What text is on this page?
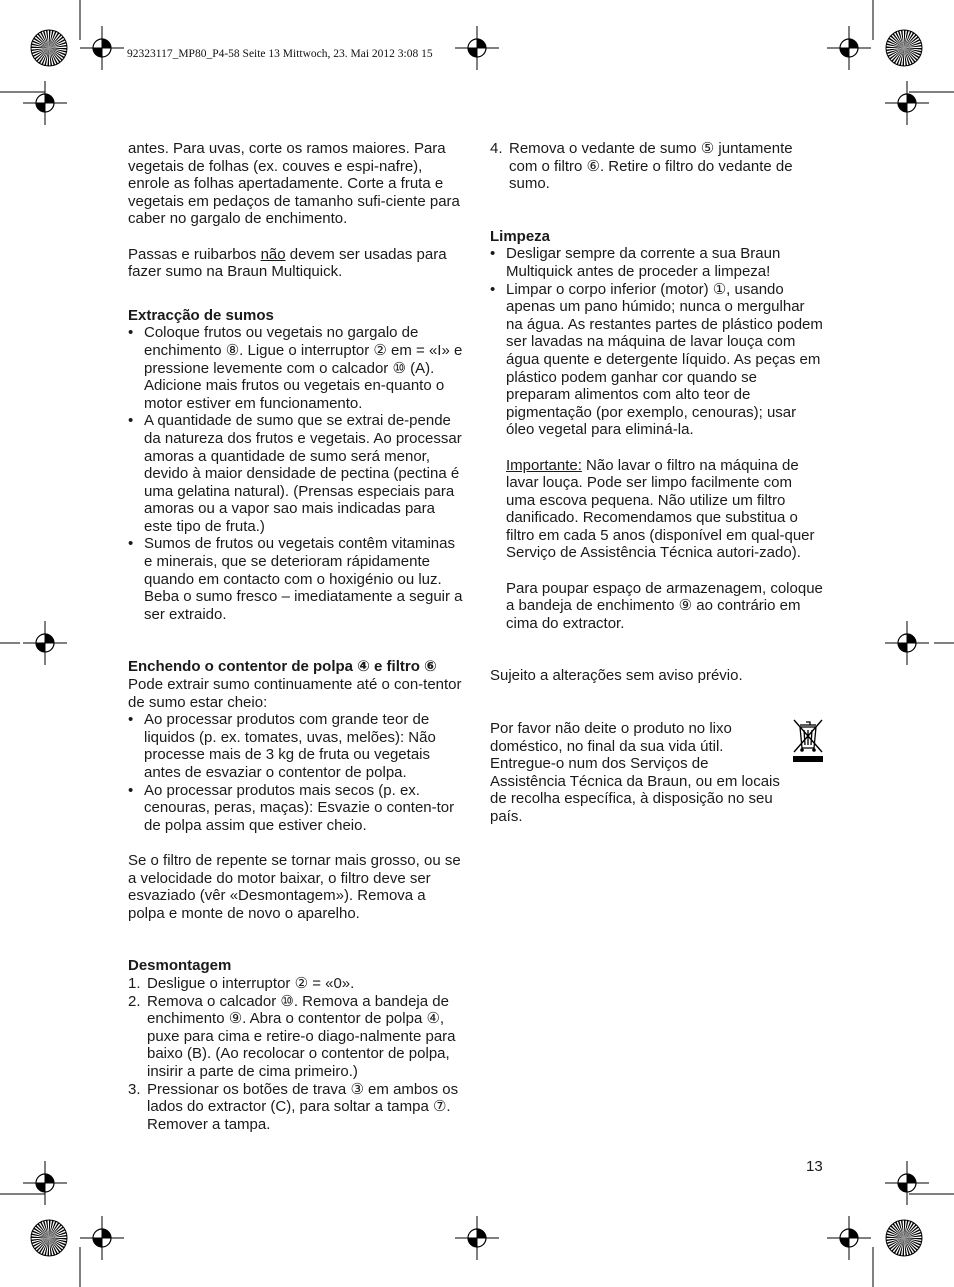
92323117_MP80_P4-58 Seite 13 Mittwoch, 23. Mai 2012 3:08 15

antes. Para uvas, corte os ramos maiores. Para vegetais de folhas (ex. couves e espi-nafre), enrole as folhas apertadamente. Corte a fruta e vegetais em pedaços de tamanho sufi-ciente para caber no gargalo de enchimento.

Passas e ruibarbos não devem ser usadas para fazer sumo na Braun Multiquick.

Extracção de sumos

• Coloque frutos ou vegetais no gargalo de enchimento ⑧. Ligue o interruptor ② em = «I» e pressione levemente com o calcador ⑩ (A). Adicione mais frutos ou vegetais en-quanto o motor estiver em funcionamento.
• A quantidade de sumo que se extrai de-pende da natureza dos frutos e vegetais. Ao processar amoras a quantidade de sumo será menor, devido à maior densidade de pectina (pectina é uma gelatina natural). (Prensas especiais para amoras ou a vapor sao mais indicadas para este tipo de fruta.)
• Sumos de frutos ou vegetais contêm vitaminas e minerais, que se deterioram rápidamente quando em contacto com o hoxigénio ou luz. Beba o sumo fresco – imediatamente a seguir a ser extraido.

Enchendo o contentor de polpa ④ e filtro ⑥

Pode extrair sumo continuamente até o con-tentor de sumo estar cheio:

• Ao processar produtos com grande teor de liquidos (p. ex. tomates, uvas, melões): Não processe mais de 3 kg de fruta ou vegetais antes de esvaziar o contentor de polpa.
• Ao processar produtos mais secos (p. ex. cenouras, peras, maças): Esvazie o conten-tor de polpa assim que estiver cheio.

Se o filtro de repente se tornar mais grosso, ou se a velocidade do motor baixar, o filtro deve ser esvaziado (vêr «Desmontagem»). Remova a polpa e monte de novo o aparelho.

Desmontagem

1. Desligue o interruptor ② = «0».
2. Remova o calcador ⑩. Remova a bandeja de enchimento ⑨. Abra o contentor de polpa ④, puxe para cima e retire-o diago-nalmente para baixo (B). (Ao recolocar o contentor de polpa, insirir a parte de cima primeiro.)
3. Pressionar os botões de trava ③ em ambos os lados do extractor (C), para soltar a tampa ⑦. Remover a tampa.
4. Remova o vedante de sumo ⑤ juntamente com o filtro ⑥. Retire o filtro do vedante de sumo.

Limpeza

• Desligar sempre da corrente a sua Braun Multiquick antes de proceder a limpeza!
• Limpar o corpo inferior (motor) ①, usando apenas um pano húmido; nunca o mergulhar na água. As restantes partes de plástico podem ser lavadas na máquina de lavar louça com água quente e detergente líquido. As peças em plástico podem ganhar cor quando se preparam alimentos com alto teor de pigmentação (por exemplo, cenouras); usar óleo vegetal para eliminá-la.

Importante: Não lavar o filtro na máquina de lavar louça. Pode ser limpo facilmente com uma escova pequena. Não utilize um filtro danificado. Recomendamos que substitua o filtro em cada 5 anos (disponível em qual-quer Serviço de Assistência Técnica autori-zado).

Para poupar espaço de armazenagem, coloque a bandeja de enchimento ⑨ ao contrário em cima do extractor.

Sujeito a alterações sem aviso prévio.

Por favor não deite o produto no lixo doméstico, no final da sua vida útil. Entregue-o num dos Serviços de Assistência Técnica da Braun, ou em locais de recolha específica, à disposição no seu país.

13
